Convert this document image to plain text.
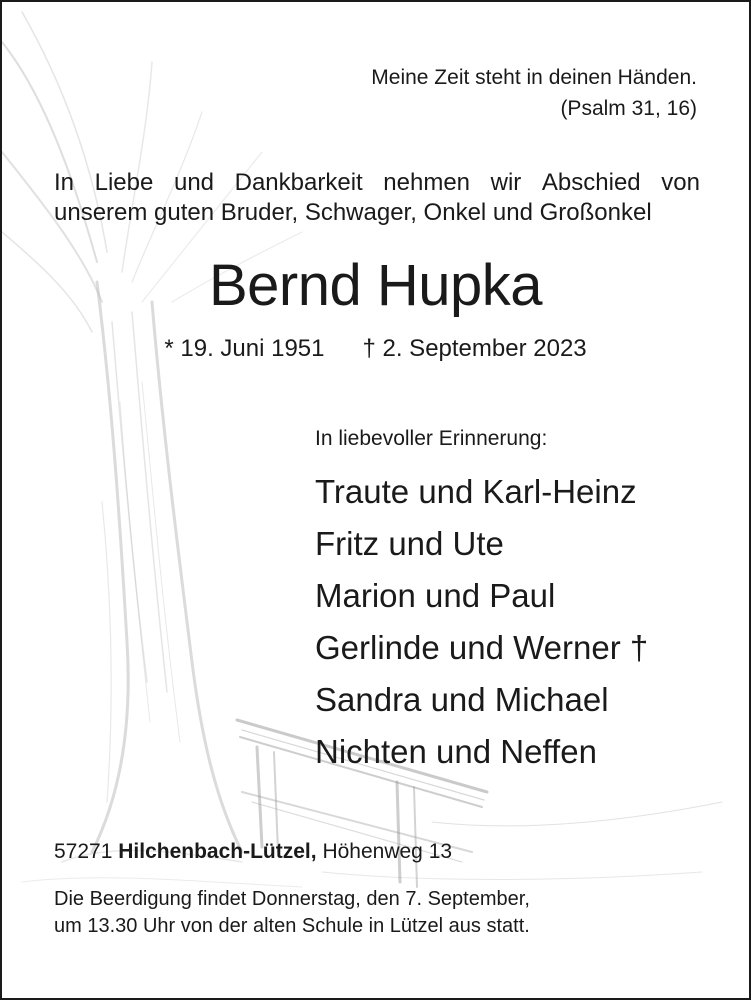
Meine Zeit steht in deinen Händen.
(Psalm 31, 16)
In Liebe und Dankbarkeit nehmen wir Abschied von
unserem guten Bruder, Schwager, Onkel und Großonkel
Bernd Hupka
* 19. Juni 1951 † 2. September 2023
In liebevoller Erinnerung:
Traute und Karl-Heinz
Fritz und Ute
Marion und Paul
Gerlinde und Werner †
Sandra und Michael
Nichten und Neffen
57271 Hilchenbach-Lützel, Höhenweg 13
Die Beerdigung findet Donnerstag, den 7. September,
um 13.30 Uhr von der alten Schule in Lützel aus statt.
